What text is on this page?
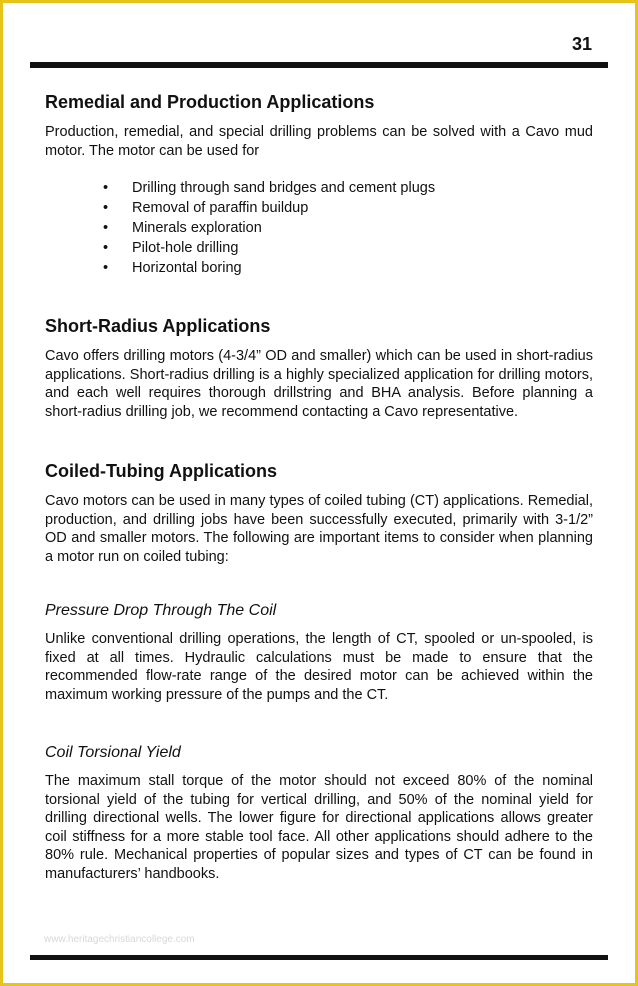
31
Remedial and Production Applications

Production, remedial, and special drilling problems can be solved with a Cavo mud motor. The motor can be used for

• Drilling through sand bridges and cement plugs
• Removal of paraffin buildup
• Minerals exploration
• Pilot-hole drilling
• Horizontal boring
Short-Radius Applications

Cavo offers drilling motors (4-3/4” OD and smaller) which can be used in short-radius applications. Short-radius drilling is a highly specialized application for drilling motors, and each well requires thorough drillstring and BHA analysis. Before planning a short-radius drilling job, we recommend contacting a Cavo representative.

Coiled-Tubing Applications

Cavo motors can be used in many types of coiled tubing (CT) applications. Remedial, production, and drilling jobs have been successfully executed, primarily with 3-1/2” OD and smaller motors. The following are important items to consider when planning a motor run on coiled tubing:

Pressure Drop Through The Coil

Unlike conventional drilling operations, the length of CT, spooled or un-spooled, is fixed at all times. Hydraulic calculations must be made to ensure that the recommended flow-rate range of the desired motor can be achieved within the maximum working pressure of the pumps and the CT.

Coil Torsional Yield

The maximum stall torque of the motor should not exceed 80% of the nominal torsional yield of the tubing for vertical drilling, and 50% of the nominal yield for drilling directional wells. The lower figure for directional applications allows greater coil stiffness for a more stable tool face. All other applications should adhere to the 80% rule. Mechanical properties of popular sizes and types of CT can be found in manufacturers’ handbooks.

www.heritagechristiancollege.com
